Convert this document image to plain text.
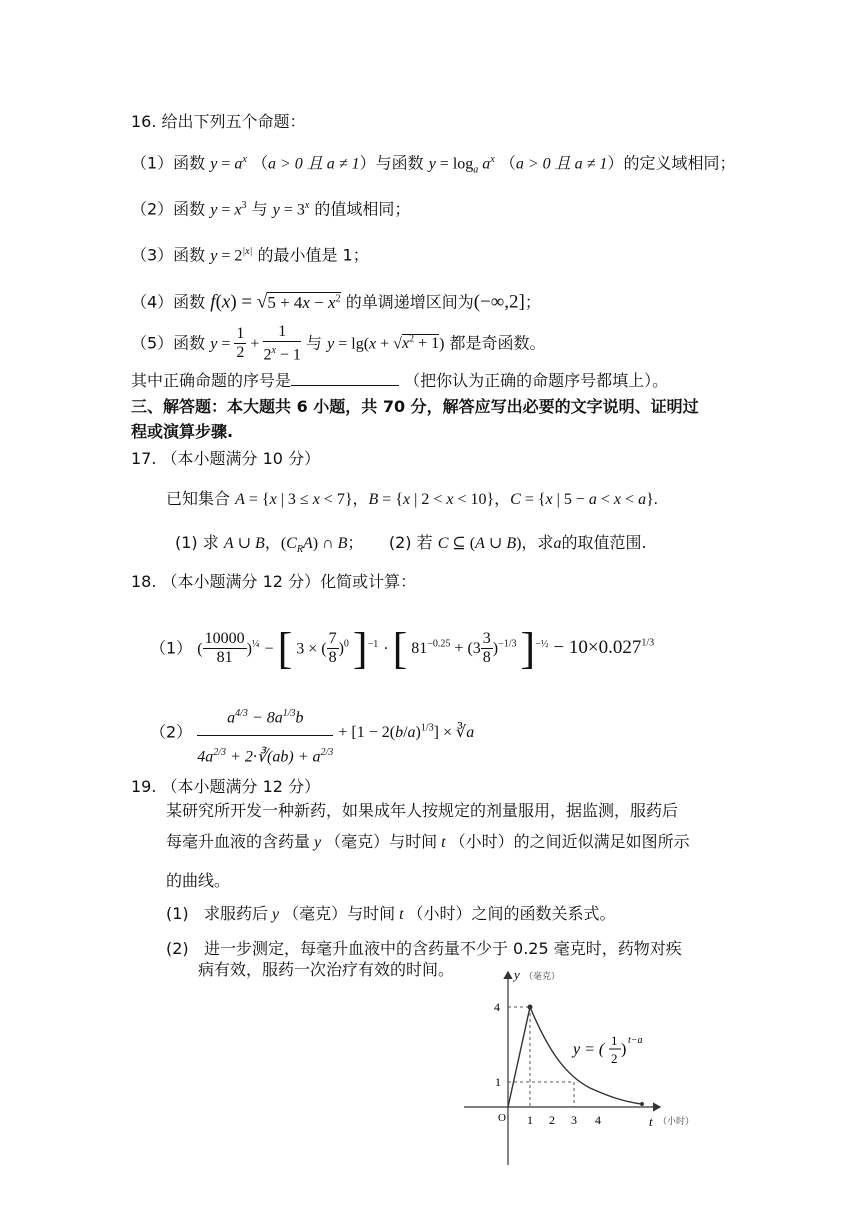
16. 给出下列五个命题：
（1）函数 $y = a^x$ （a > 0 且 a ≠ 1）与函数 $y = \log_a a^x$ （a > 0 且 a ≠ 1）的定义域相同；
（2）函数 $y = x^3$ 与 $y = 3^x$ 的值域相同；
（3）函数 $y = 2^{|x|}$ 的最小值是 1；
（4）函数 $f(x) = √5 + 4x - x^2$ 的单调递增区间为(−∞,2]；
（5）函数 $y = \frac{1}{2} + \frac{1}{2^x - 1}$ 与 $y = \lg(x + √x^2 + 1)$ 都是奇函数。
其中正确命题的序号是	（把你认为正确的命题序号都填上）。
三、解答题：本大题共 6 小题，共 70 分，解答应写出必要的文字说明、证明过
程或演算步骤.
17. （本小题满分 10 分）
已知集合 A = {x | 3 ≤ x < 7}，B = {x | 2 < x < 10}，C = {x | 5 − a < x < a}.
(1) 求 A ∪ B，$(C_RA)$ ∩ B； (2) 若 C ⊆ (A ∪ B)，求a的取值范围.
18. （本小题满分 12 分）化简或计算：
（1） ( $\frac{10000}{81} )^{\frac{1}{4}}$ − [ 3 × ( $\frac{7}{8} )^0$ ]$^{-1}$ · [ $81^{-0.25} + (3 \frac{3}{8} )^{-1/3}$ ]$^{-\frac{1}{2}} - 10\times 0.027^{1/3}$
$(2) \frac{a^{4/3} - 8a^{1/3}b}{4a^{2/3} + 2\cdot∛(ab) + a^{2/3}} + [1 - 2(b/a)^{1/3}]$ × ∛a
19. （本小题满分 12 分）
某研究所开发一种新药，如果成年人按规定的剂量服用，据监测，服药后
每毫升血液的含药量 y （毫克）与时间 t （小时）的之间近似满足如图所示
的曲线。
(1) 求服药后 y （毫克）与时间 t （小时）之间的函数关系式。
(2) 进一步测定，每毫升血液中的含药量不少于 0.25 毫克时，药物对疾
病有效，服药一次治疗有效的时间。	y （毫克）
t （小时）
O
4
1
1 2 3 4
y = (
1
2
)
t−a
